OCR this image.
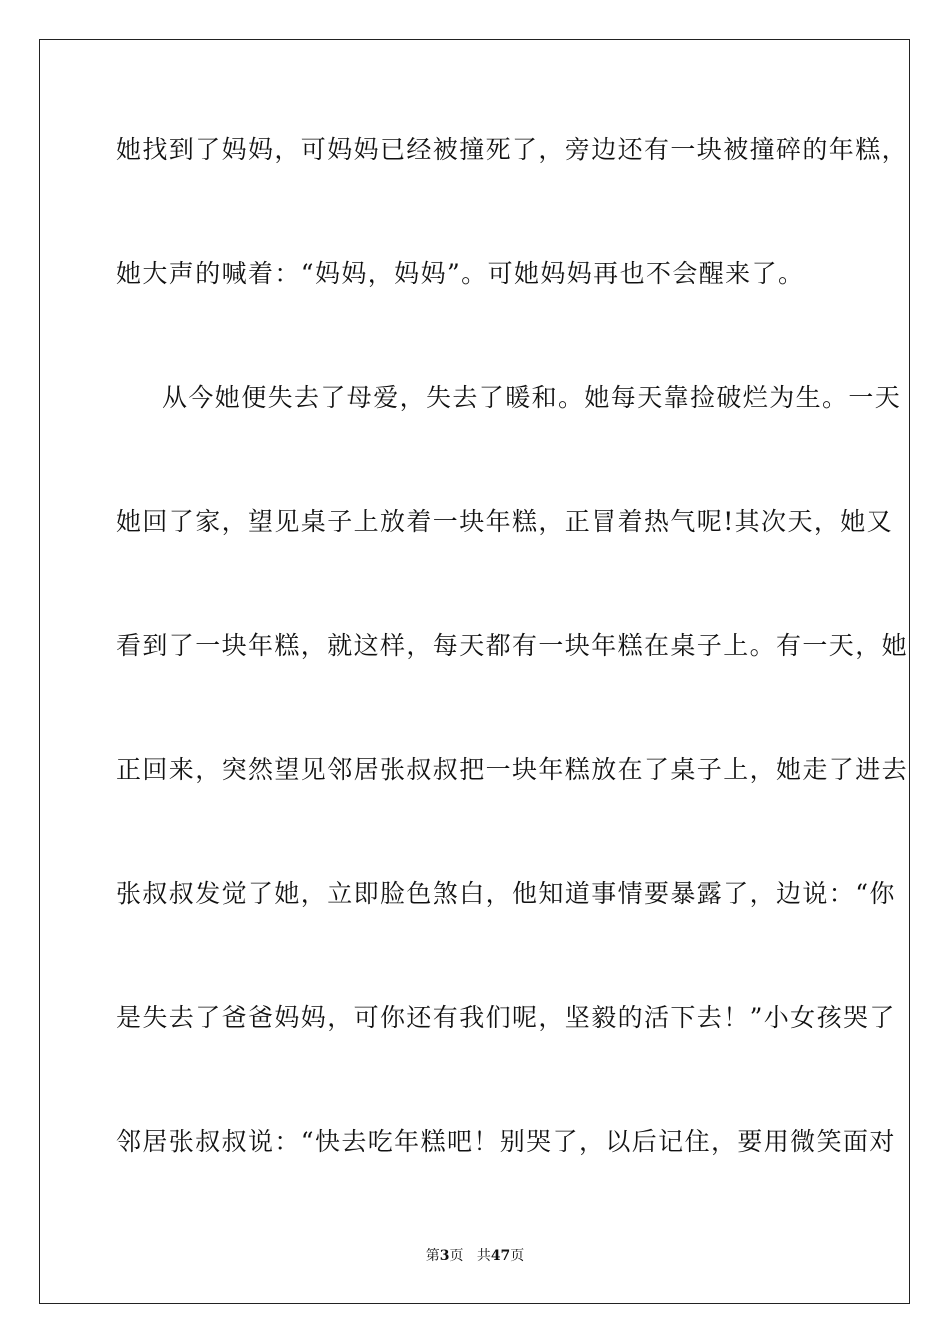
她找到了妈妈，可妈妈已经被撞死了，旁边还有一块被撞碎的年糕，
她大声的喊着：“妈妈，妈妈”。可她妈妈再也不会醒来了。
从今她便失去了母爱，失去了暖和。她每天靠捡破烂为生。一天
她回了家，望见桌子上放着一块年糕，正冒着热气呢!其次天，她又
看到了一块年糕，就这样，每天都有一块年糕在桌子上。有一天，她
正回来，突然望见邻居张叔叔把一块年糕放在了桌子上，她走了进去
张叔叔发觉了她，立即脸色煞白，他知道事情要暴露了，边说：“你
是失去了爸爸妈妈，可你还有我们呢，坚毅的活下去！”小女孩哭了
邻居张叔叔说：“快去吃年糕吧！别哭了，以后记住，要用微笑面对
第3页 共47页
